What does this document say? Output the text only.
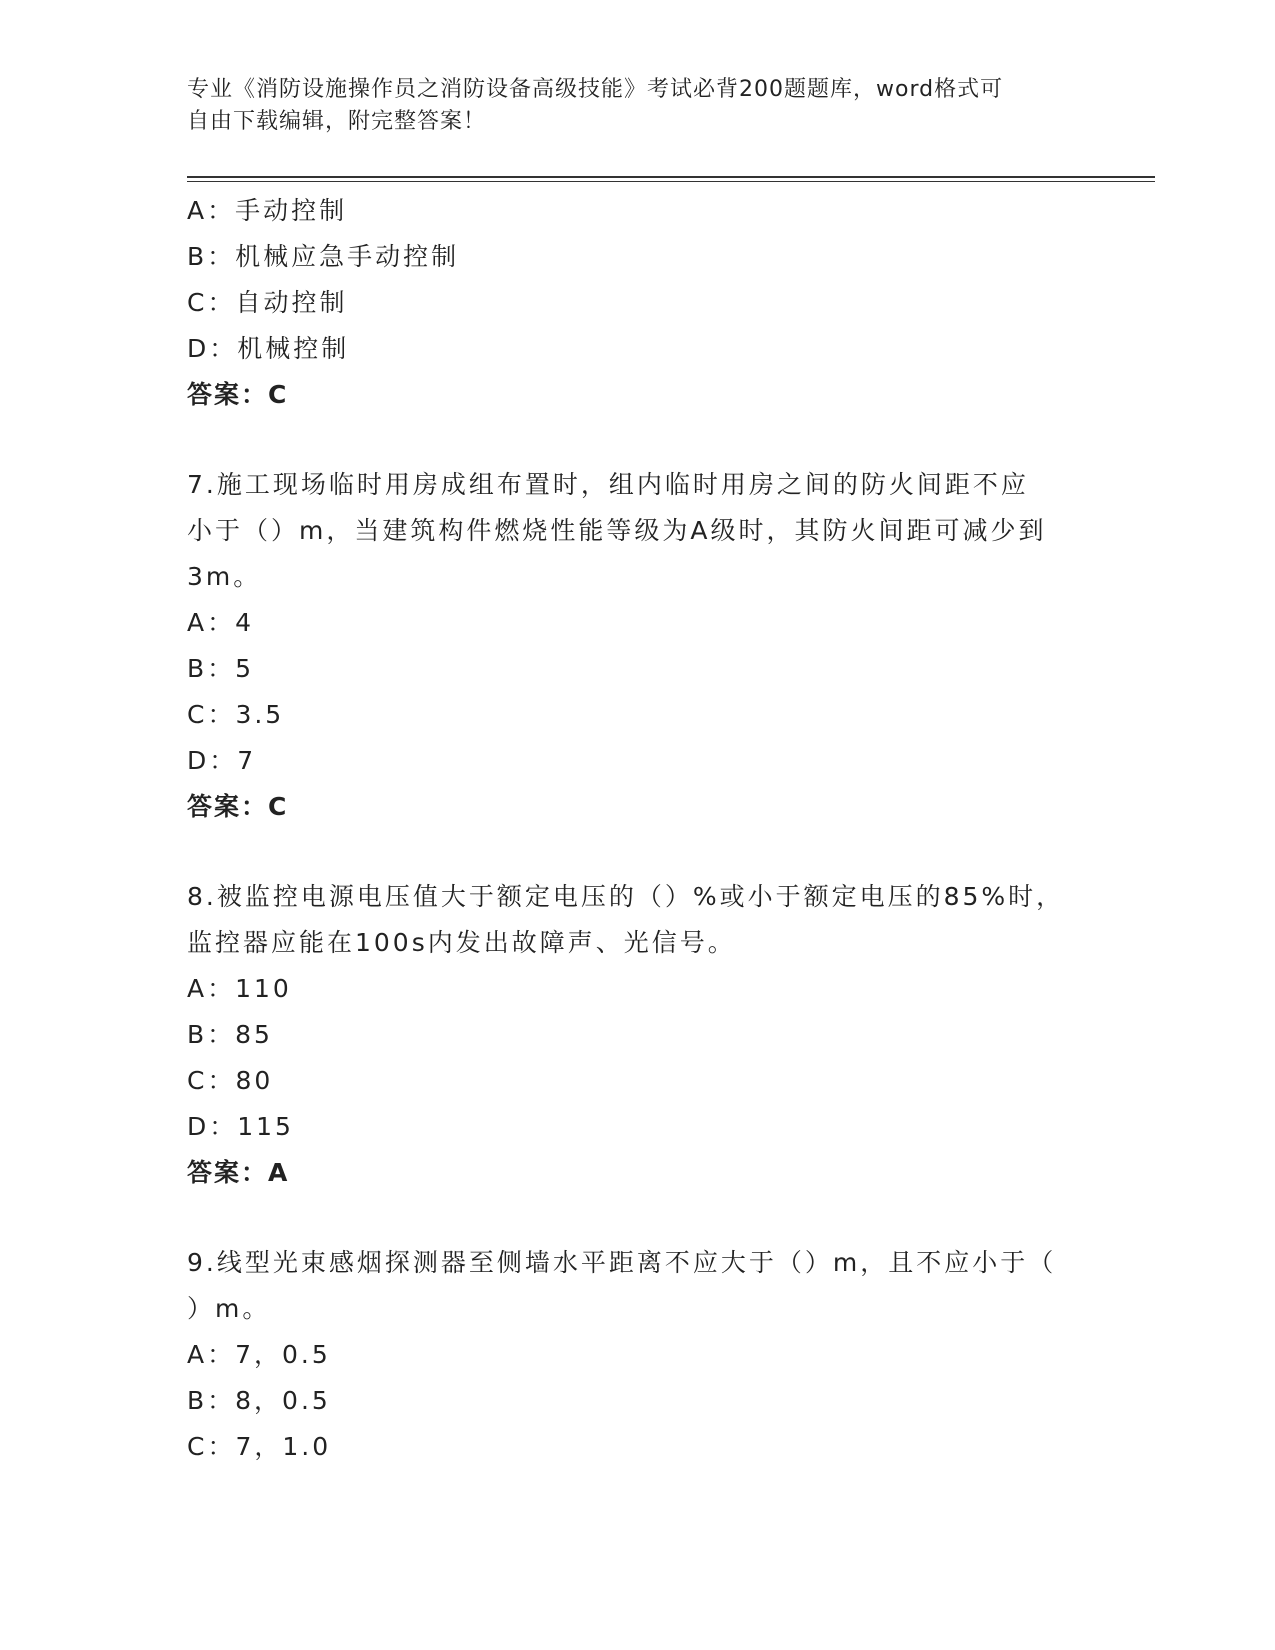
专业《消防设施操作员之消防设备高级技能》考试必背200题题库，word格式可
自由下载编辑，附完整答案！
A：手动控制
B：机械应急手动控制
C：自动控制
D：机械控制
答案：C
7.施工现场临时用房成组布置时，组内临时用房之间的防火间距不应
小于（）m，当建筑构件燃烧性能等级为A级时，其防火间距可减少到
3m。
A：4
B：5
C：3.5
D：7
答案：C
8.被监控电源电压值大于额定电压的（）%或小于额定电压的85%时，
监控器应能在100s内发出故障声、光信号。
A：110
B：85
C：80
D：115
答案：A
9.线型光束感烟探测器至侧墙水平距离不应大于（）m，且不应小于（
）m。
A：7，0.5
B：8，0.5
C：7，1.0
